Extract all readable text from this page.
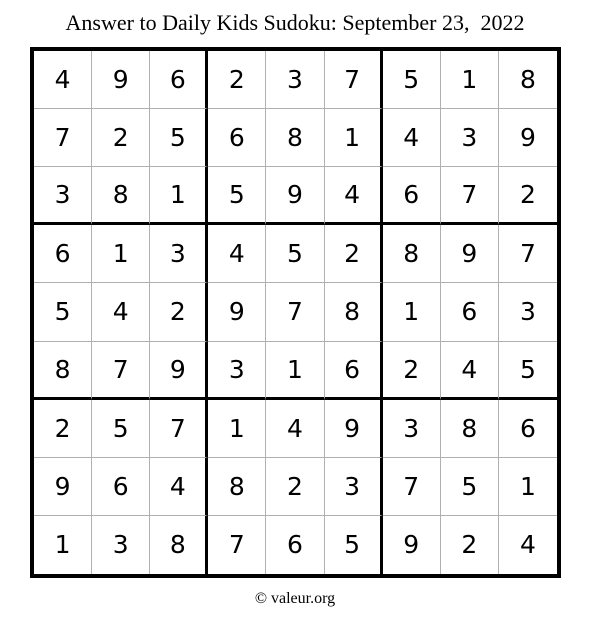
Answer to Daily Kids Sudoku: September 23,  2022
4	9	6	2	3	7	5	1	8
7	2	5	6	8	1	4	3	9
3	8	1	5	9	4	6	7	2
6	1	3	4	5	2	8	9	7
5	4	2	9	7	8	1	6	3
8	7	9	3	1	6	2	4	5
2	5	7	1	4	9	3	8	6
9	6	4	8	2	3	7	5	1
1	3	8	7	6	5	9	2	4
© valeur.org
